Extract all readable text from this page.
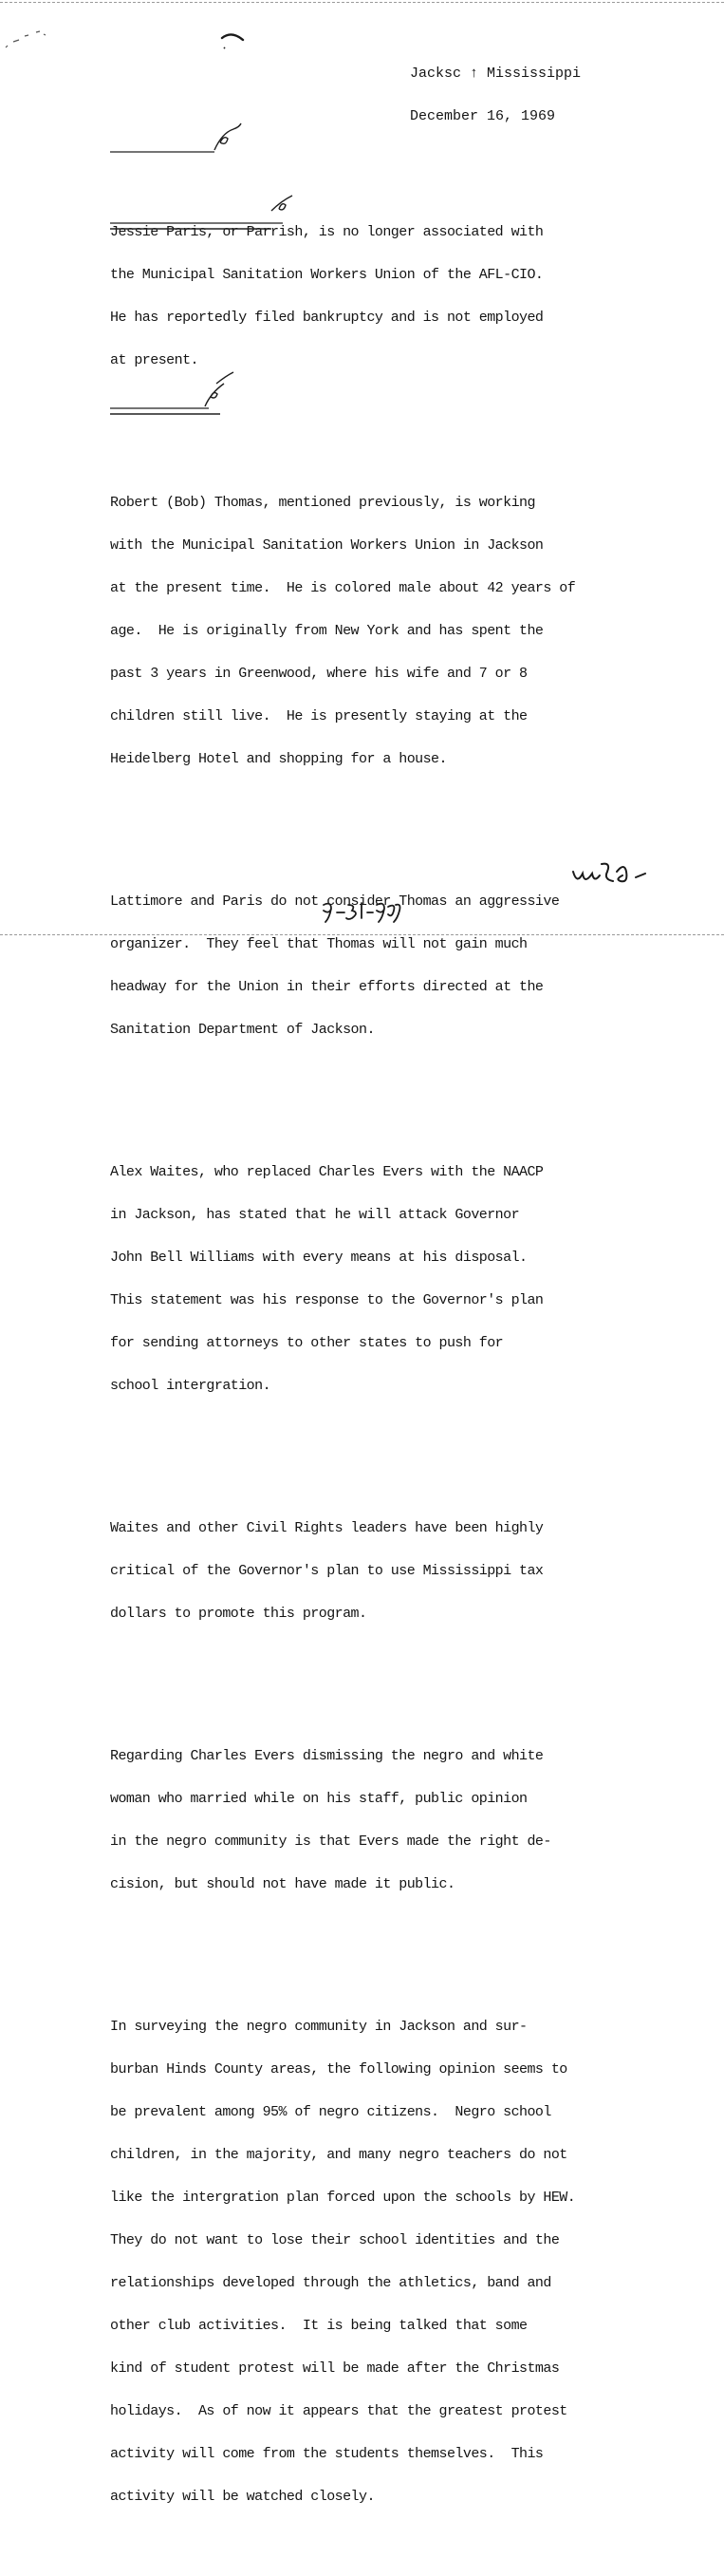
Jacksc ↑ Mississippi

December 16, 1969

Jessie Paris, or Parrish, is no longer associated with

the Municipal Sanitation Workers Union of the AFL-CIO.

He has reportedly filed bankruptcy and is not employed

at present.

Robert (Bob) Thomas, mentioned previously, is working

with the Municipal Sanitation Workers Union in Jackson

at the present time.  He is colored male about 42 years of

age.  He is originally from New York and has spent the

past 3 years in Greenwood, where his wife and 7 or 8

children still live.  He is presently staying at the

Heidelberg Hotel and shopping for a house.

Lattimore and Paris do not consider Thomas an aggressive

organizer.  They feel that Thomas will not gain much

headway for the Union in their efforts directed at the

Sanitation Department of Jackson.

Alex Waites, who replaced Charles Evers with the NAACP

in Jackson, has stated that he will attack Governor

John Bell Williams with every means at his disposal.

This statement was his response to the Governor's plan

for sending attorneys to other states to push for

school intergration.

Waites and other Civil Rights leaders have been highly

critical of the Governor's plan to use Mississippi tax

dollars to promote this program.

Regarding Charles Evers dismissing the negro and white

woman who married while on his staff, public opinion

in the negro community is that Evers made the right de-

cision, but should not have made it public.

In surveying the negro community in Jackson and sur-

burban Hinds County areas, the following opinion seems to

be prevalent among 95% of negro citizens.  Negro school

children, in the majority, and many negro teachers do not

like the intergration plan forced upon the schools by HEW.

They do not want to lose their school identities and the

relationships developed through the athletics, band and

other club activities.  It is being talked that some

kind of student protest will be made after the Christmas

holidays.  As of now it appears that the greatest protest

activity will come from the students themselves.  This

activity will be watched closely.
